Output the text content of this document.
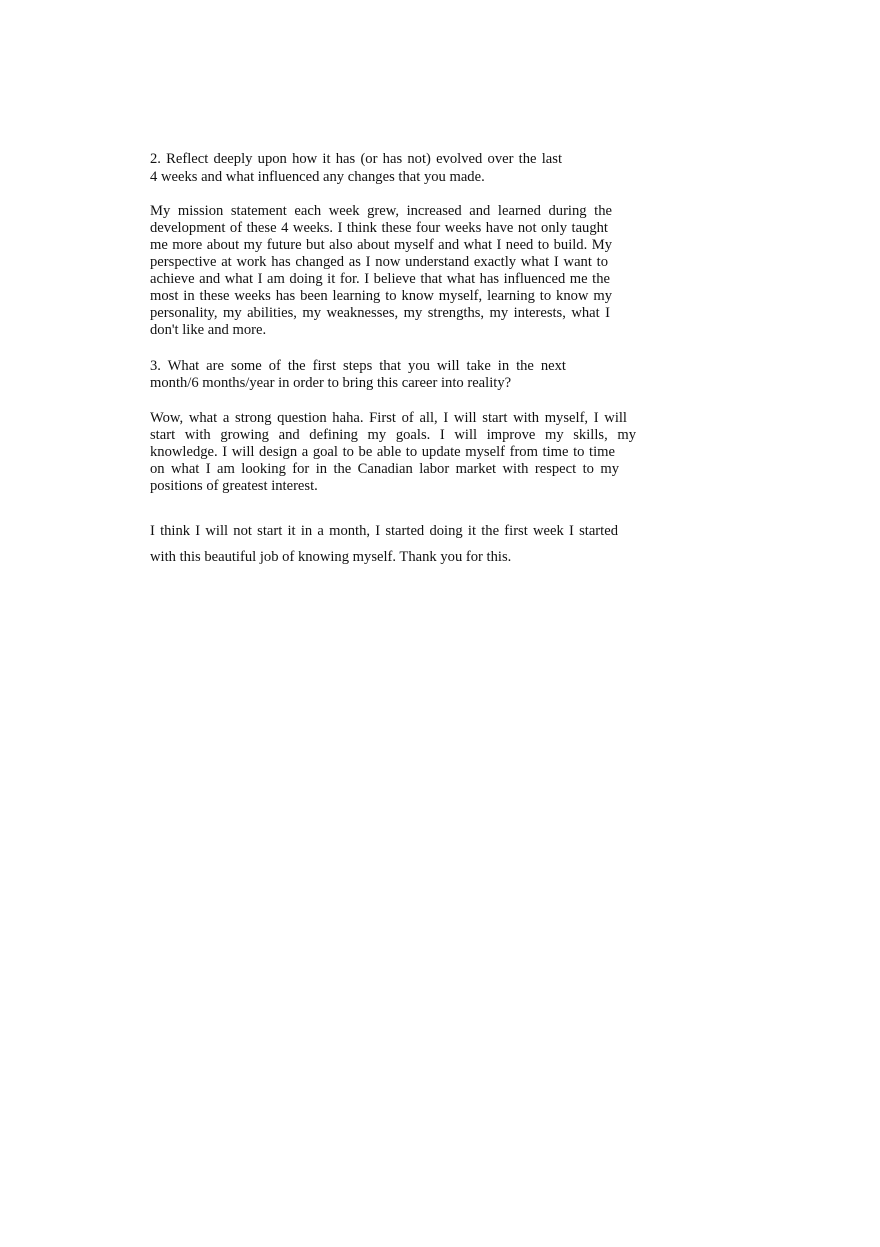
2. Reflect deeply upon how it has (or has not) evolved over the last

4 weeks and what influenced any changes that you made.

My mission statement each week grew, increased and learned during the

development of these 4 weeks. I think these four weeks have not only taught

me more about my future but also about myself and what I need to build. My

perspective at work has changed as I now understand exactly what I want to

achieve and what I am doing it for. I believe that what has influenced me the

most in these weeks has been learning to know myself, learning to know my

personality, my abilities, my weaknesses, my strengths, my interests, what I

don't like and more.

3. What are some of the first steps that you will take in the next

month/6 months/year in order to bring this career into reality?

Wow, what a strong question haha. First of all, I will start with myself, I will

start with growing and defining my goals. I will improve my skills, my

knowledge. I will design a goal to be able to update myself from time to time

on what I am looking for in the Canadian labor market with respect to my

positions of greatest interest.

I think I will not start it in a month, I started doing it the first week I started

with this beautiful job of knowing myself. Thank you for this.
